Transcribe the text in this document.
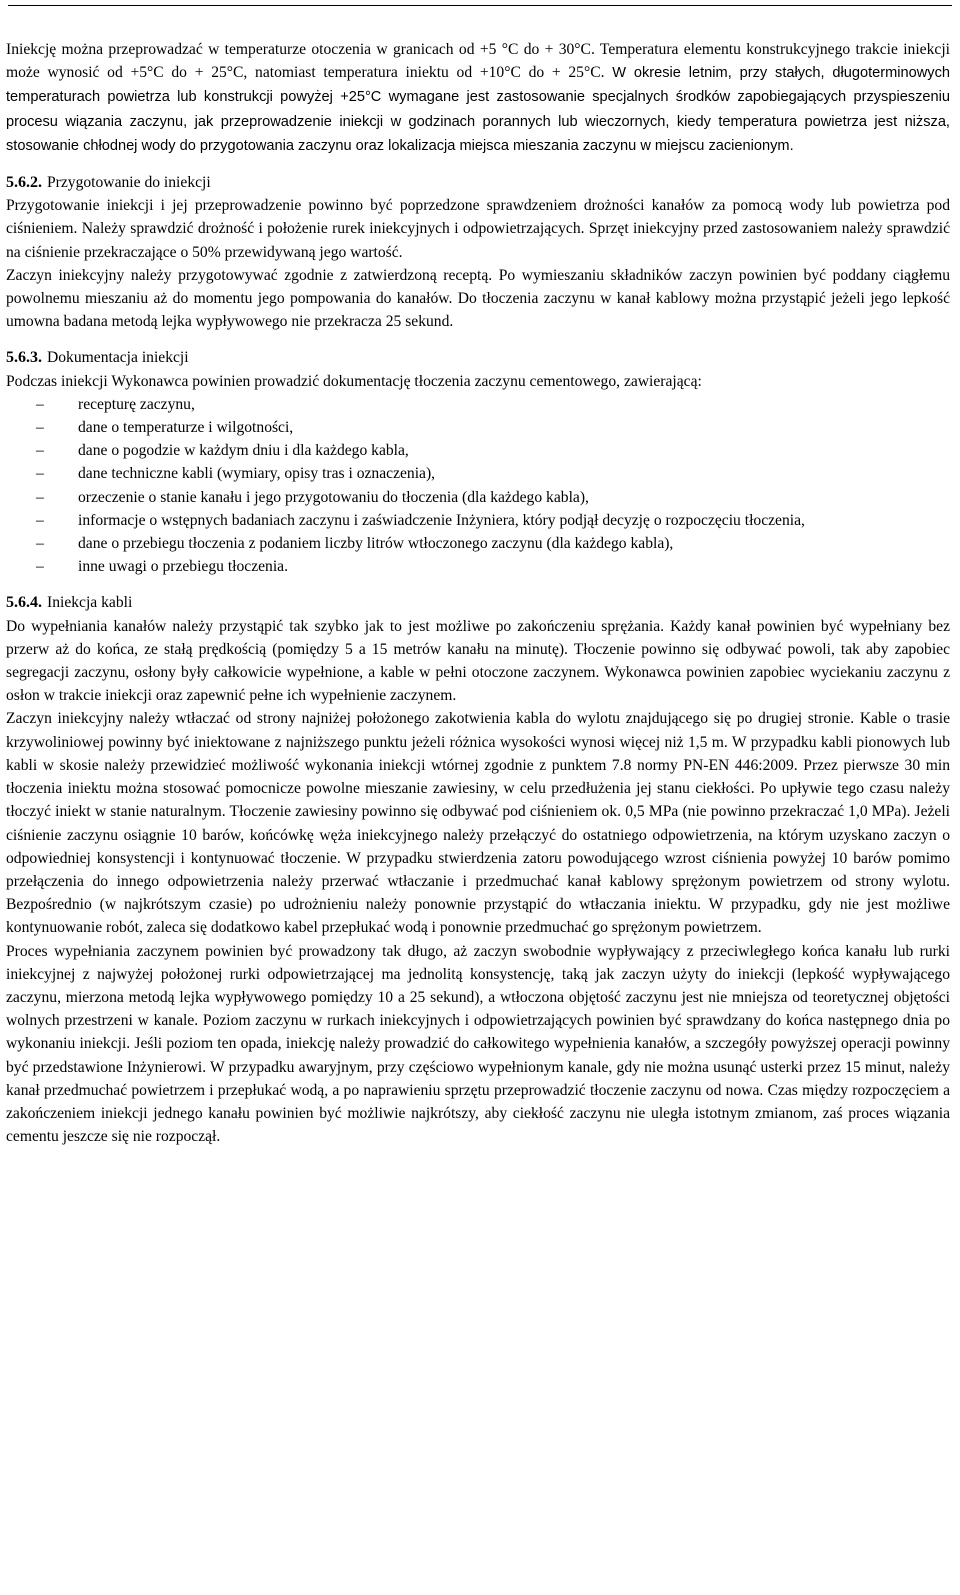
Iniekcję można przeprowadzać w temperaturze otoczenia w granicach od +5 °C do + 30°C. Temperatura elementu konstrukcyjnego trakcie iniekcji może wynosić od +5°C do + 25°C, natomiast temperatura iniektu od +10°C do + 25°C. W okresie letnim, przy stałych, długoterminowych temperaturach powietrza lub konstrukcji powyżej +25°C wymagane jest zastosowanie specjalnych środków zapobiegających przyspieszeniu procesu wiązania zaczynu, jak przeprowadzenie iniekcji w godzinach porannych lub wieczornych, kiedy temperatura powietrza jest niższa, stosowanie chłodnej wody do przygotowania zaczynu oraz lokalizacja miejsca mieszania zaczynu w miejscu zacienionym.

5.6.2. Przygotowanie do iniekcji

Przygotowanie iniekcji i jej przeprowadzenie powinno być poprzedzone sprawdzeniem drożności kanałów za pomocą wody lub powietrza pod ciśnieniem. Należy sprawdzić drożność i położenie rurek iniekcyjnych i odpowietrzających. Sprzęt iniekcyjny przed zastosowaniem należy sprawdzić na ciśnienie przekraczające o 50% przewidywaną jego wartość.

Zaczyn iniekcyjny należy przygotowywać zgodnie z zatwierdzoną receptą. Po wymieszaniu składników zaczyn powinien być poddany ciągłemu powolnemu mieszaniu aż do momentu jego pompowania do kanałów. Do tłoczenia zaczynu w kanał kablowy można przystąpić jeżeli jego lepkość umowna badana metodą lejka wypływowego nie przekracza 25 sekund.

5.6.3. Dokumentacja iniekcji

Podczas iniekcji Wykonawca powinien prowadzić dokumentację tłoczenia zaczynu cementowego, zawierającą:

– recepturę zaczynu,
– dane o temperaturze i wilgotności,
– dane o pogodzie w każdym dniu i dla każdego kabla,
– dane techniczne kabli (wymiary, opisy tras i oznaczenia),
– orzeczenie o stanie kanału i jego przygotowaniu do tłoczenia (dla każdego kabla),
– informacje o wstępnych badaniach zaczynu i zaświadczenie Inżyniera, który podjął decyzję o rozpoczęciu tłoczenia,
– dane o przebiegu tłoczenia z podaniem liczby litrów wtłoczonego zaczynu (dla każdego kabla),
– inne uwagi o przebiegu tłoczenia.

5.6.4. Iniekcja kabli

Do wypełniania kanałów należy przystąpić tak szybko jak to jest możliwe po zakończeniu sprężania. Każdy kanał powinien być wypełniany bez przerw aż do końca, ze stałą prędkością (pomiędzy 5 a 15 metrów kanału na minutę). Tłoczenie powinno się odbywać powoli, tak aby zapobiec segregacji zaczynu, osłony były całkowicie wypełnione, a kable w pełni otoczone zaczynem. Wykonawca powinien zapobiec wyciekaniu zaczynu z osłon w trakcie iniekcji oraz zapewnić pełne ich wypełnienie zaczynem.

Zaczyn iniekcyjny należy wtłaczać od strony najniżej położonego zakotwienia kabla do wylotu znajdującego się po drugiej stronie. Kable o trasie krzywoliniowej powinny być iniektowane z najniższego punktu jeżeli różnica wysokości wynosi więcej niż 1,5 m. W przypadku kabli pionowych lub kabli w skosie należy przewidzieć możliwość wykonania iniekcji wtórnej zgodnie z punktem 7.8 normy PN-EN 446:2009. Przez pierwsze 30 min tłoczenia iniektu można stosować pomocnicze powolne mieszanie zawiesiny, w celu przedłużenia jej stanu ciekłości. Po upływie tego czasu należy tłoczyć iniekt w stanie naturalnym. Tłoczenie zawiesiny powinno się odbywać pod ciśnieniem ok. 0,5 MPa (nie powinno przekraczać 1,0 MPa). Jeżeli ciśnienie zaczynu osiągnie 10 barów, końcówkę węża iniekcyjnego należy przełączyć do ostatniego odpowietrzenia, na którym uzyskano zaczyn o odpowiedniej konsystencji i kontynuować tłoczenie. W przypadku stwierdzenia zatoru powodującego wzrost ciśnienia powyżej 10 barów pomimo przełączenia do innego odpowietrzenia należy przerwać wtłaczanie i przedmuchać kanał kablowy sprężonym powietrzem od strony wylotu. Bezpośrednio (w najkrótszym czasie) po udrożnieniu należy ponownie przystąpić do wtłaczania iniektu. W przypadku, gdy nie jest możliwe kontynuowanie robót, zaleca się dodatkowo kabel przepłukać wodą i ponownie przedmuchać go sprężonym powietrzem.

Proces wypełniania zaczynem powinien być prowadzony tak długo, aż zaczyn swobodnie wypływający z przeciwległego końca kanału lub rurki iniekcyjnej z najwyżej położonej rurki odpowietrzającej ma jednolitą konsystencję, taką jak zaczyn użyty do iniekcji (lepkość wypływającego zaczynu, mierzona metodą lejka wypływowego pomiędzy 10 a 25 sekund), a wtłoczona objętość zaczynu jest nie mniejsza od teoretycznej objętości wolnych przestrzeni w kanale. Poziom zaczynu w rurkach iniekcyjnych i odpowietrzających powinien być sprawdzany do końca następnego dnia po wykonaniu iniekcji. Jeśli poziom ten opada, iniekcję należy prowadzić do całkowitego wypełnienia kanałów, a szczegóły powyższej operacji powinny być przedstawione Inżynierowi. W przypadku awaryjnym, przy częściowo wypełnionym kanale, gdy nie można usunąć usterki przez 15 minut, należy kanał przedmuchać powietrzem i przepłukać wodą, a po naprawieniu sprzętu przeprowadzić tłoczenie zaczynu od nowa. Czas między rozpoczęciem a zakończeniem iniekcji jednego kanału powinien być możliwie najkrótszy, aby ciekłość zaczynu nie uległa istotnym zmianom, zaś proces wiązania cementu jeszcze się nie rozpoczął.
